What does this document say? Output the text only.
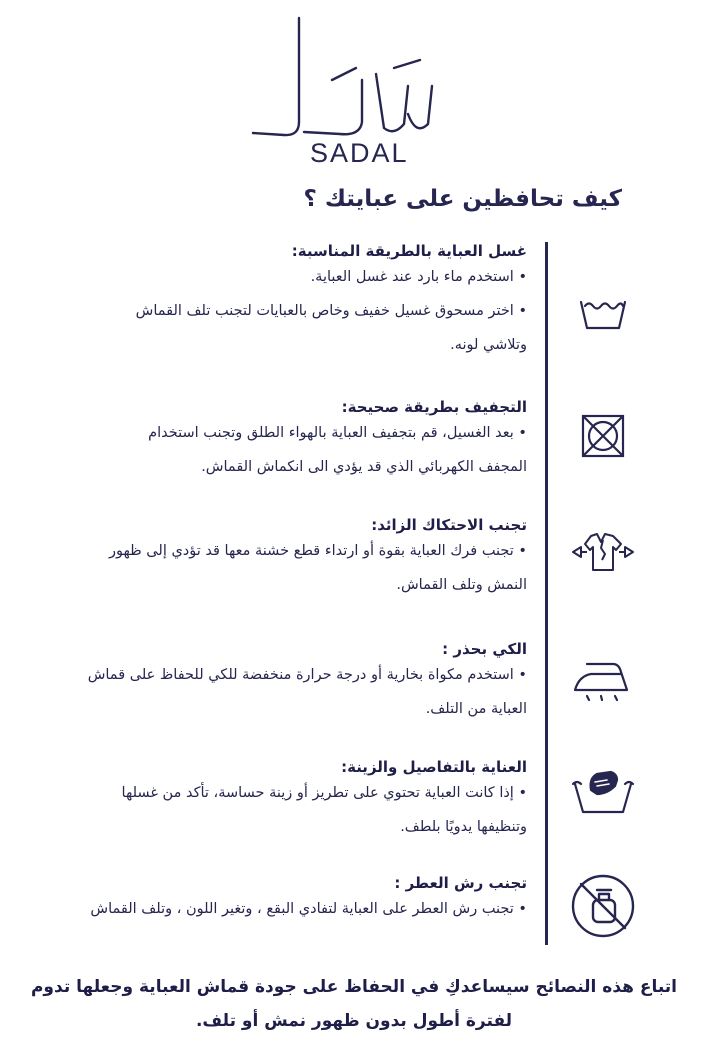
SADAL
كيف تحافظين على عبايتك ؟
غسل العباية بالطريقة المناسبة:

• استخدم ماء بارد عند غسل العباية.

• اختر مسحوق غسيل خفيف وخاص بالعبايات لتجنب تلف القماش

وتلاشي لونه.

التجفيف بطريقة صحيحة:

• بعد الغسيل، قم بتجفيف العباية بالهواء الطلق وتجنب استخدام

المجفف الكهربائي الذي قد يؤدي الى انكماش القماش.

تجنب الاحتكاك الزائد:

• تجنب فرك العباية بقوة أو ارتداء قطع خشنة معها قد تؤدي إلى ظهور

النمش وتلف القماش.

الكي بحذر :

• استخدم مكواة بخارية أو درجة حرارة منخفضة للكي للحفاظ على قماش

العباية من التلف.

العناية بالتفاصيل والزينة:

• إذا كانت العباية تحتوي على تطريز أو زينة حساسة، تأكد من غسلها

وتنظيفها يدويًا بلطف.

تجنب رش العطر :

• تجنب رش العطر على العباية لتفادي البقع ، وتغير اللون ، وتلف القماش

اتباع هذه النصائح سيساعدكِ في الحفاظ على جودة قماش العباية وجعلها تدوم
لفترة أطول بدون ظهور نمش أو تلف.
